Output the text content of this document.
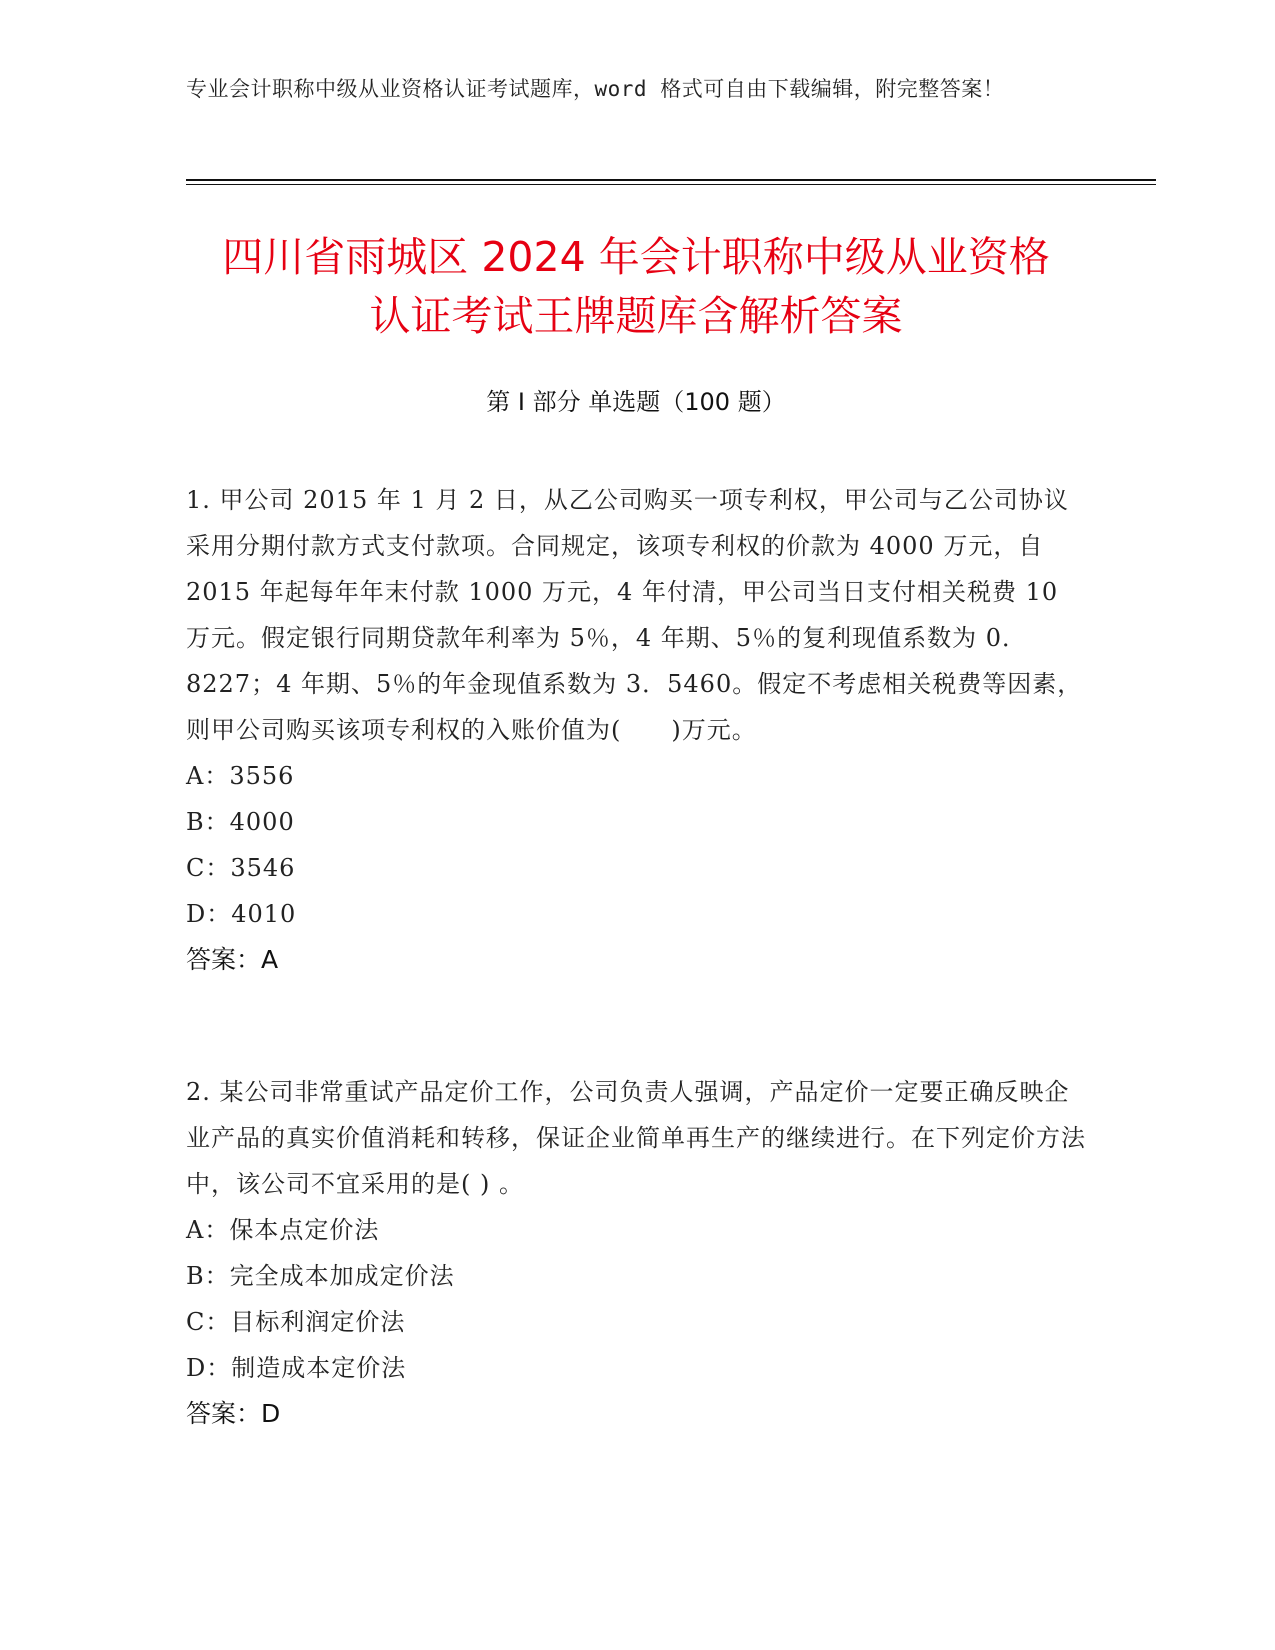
专业会计职称中级从业资格认证考试题库，word 格式可自由下载编辑，附完整答案！
四川省雨城区 2024 年会计职称中级从业资格
认证考试王牌题库含解析答案
第 I 部分 单选题（100 题）

1. 甲公司 2015 年 1 月 2 日，从乙公司购买一项专利权，甲公司与乙公司协议采用分期付款方式支付款项。合同规定，该项专利权的价款为 4000 万元，自 2015 年起每年年末付款 1000 万元，4 年付清，甲公司当日支付相关税费 10 万元。假定银行同期贷款年利率为 5％，4 年期、5％的复利现值系数为 0．8227；4 年期、5％的年金现值系数为 3．5460。假定不考虑相关税费等因素，则甲公司购买该项专利权的入账价值为(　　)万元。

A：3556

B：4000

C：3546

D：4010

答案：A

2. 某公司非常重试产品定价工作，公司负责人强调，产品定价一定要正确反映企业产品的真实价值消耗和转移，保证企业简单再生产的继续进行。在下列定价方法中，该公司不宜采用的是( ) 。

A：保本点定价法

B：完全成本加成定价法

C：目标利润定价法

D：制造成本定价法

答案：D
